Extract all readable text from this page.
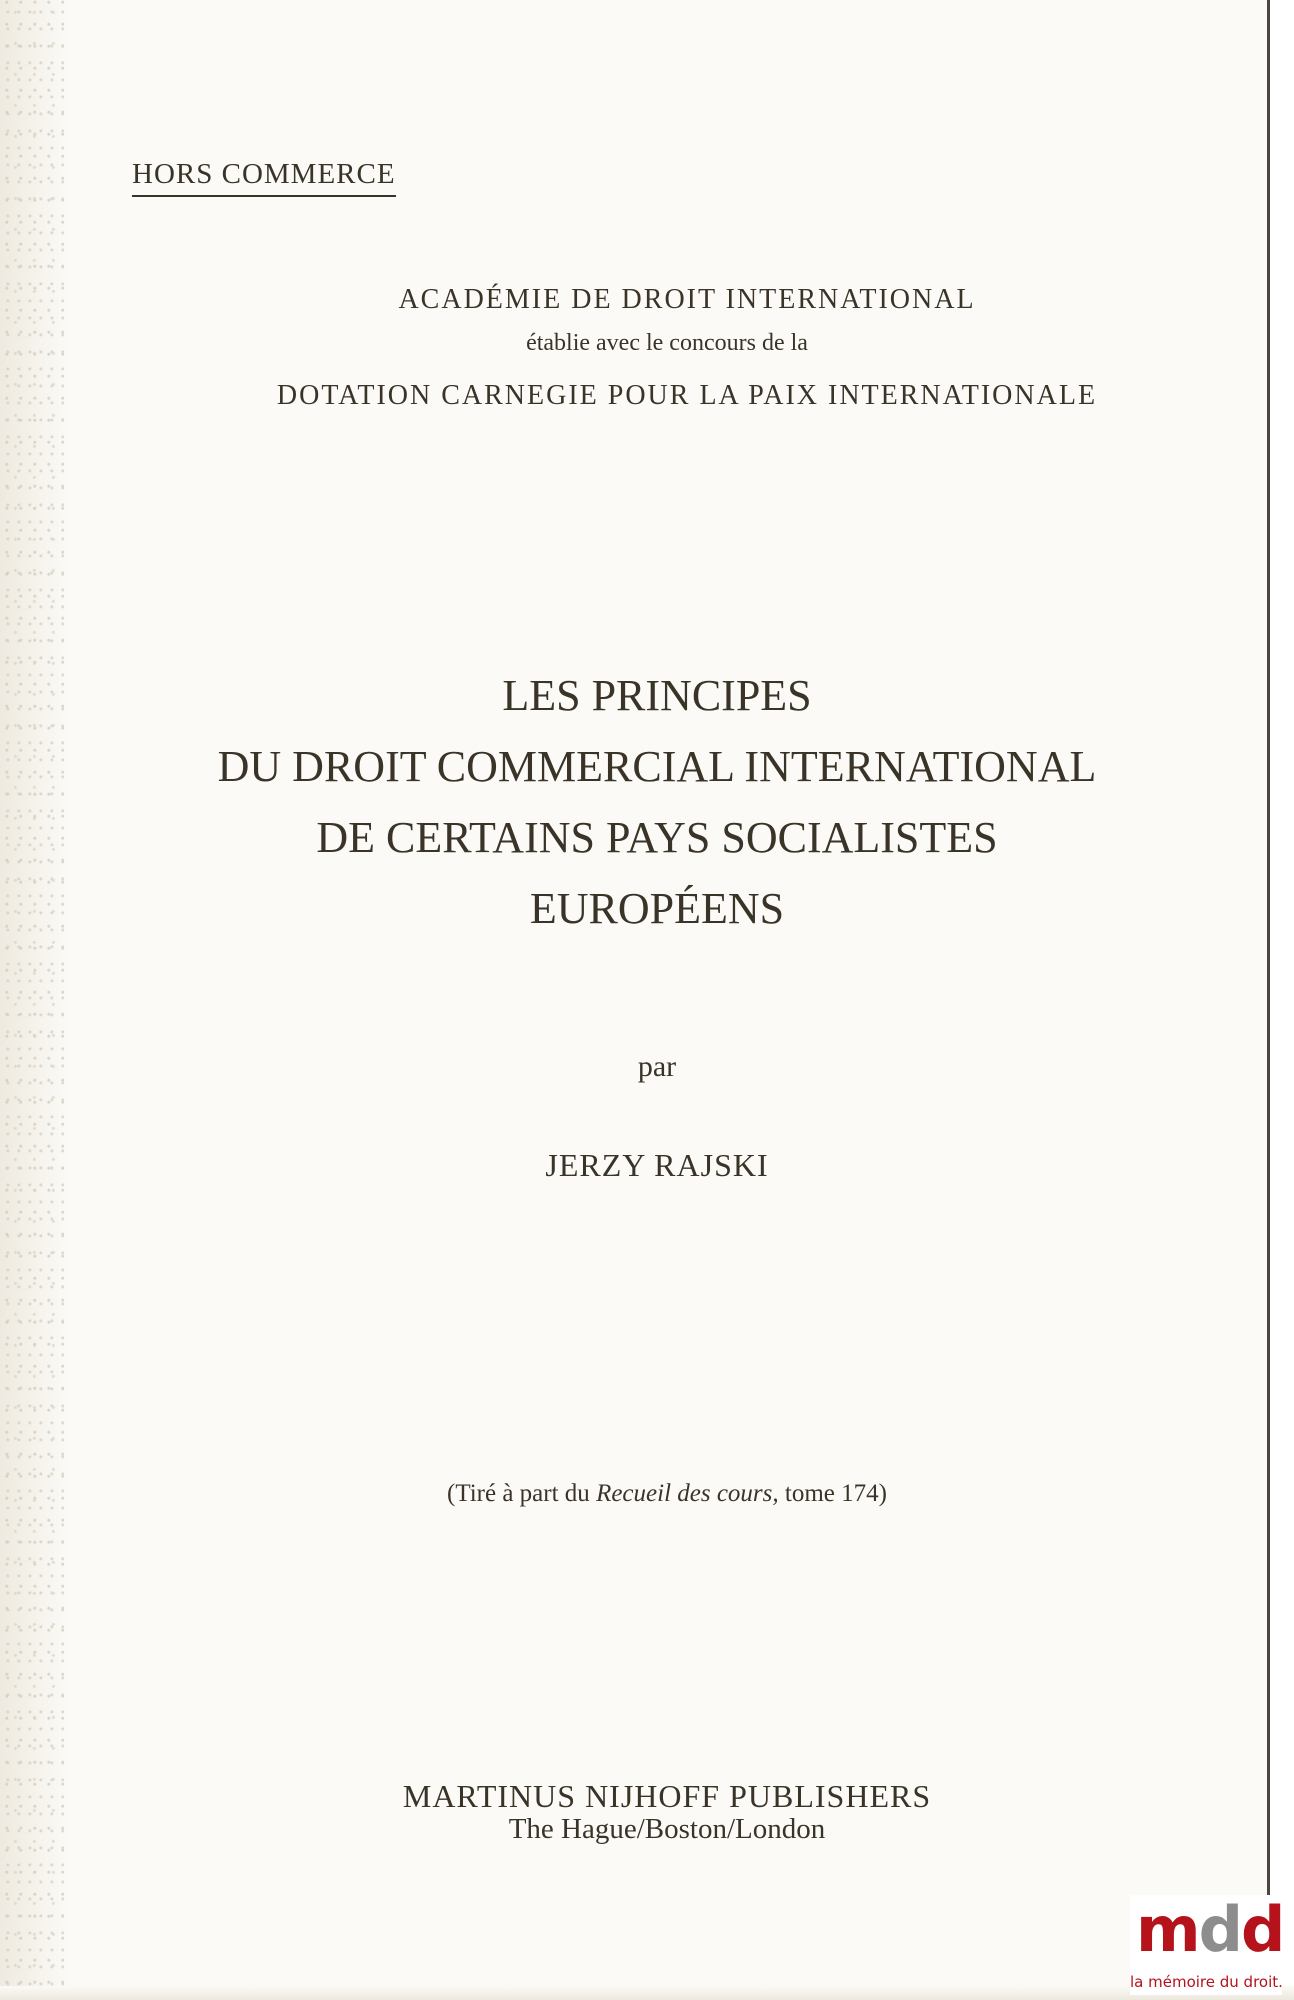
HORS COMMERCE
ACADÉMIE DE DROIT INTERNATIONAL
établie avec le concours de la
DOTATION CARNEGIE POUR LA PAIX INTERNATIONALE
LES PRINCIPES
DU DROIT COMMERCIAL INTERNATIONAL
DE CERTAINS PAYS SOCIALISTES
EUROPÉENS
par
JERZY RAJSKI
(Tiré à part du Recueil des cours, tome 174)
MARTINUS NIJHOFF PUBLISHERS
The Hague/Boston/London
mdd
la mémoire du droit.
